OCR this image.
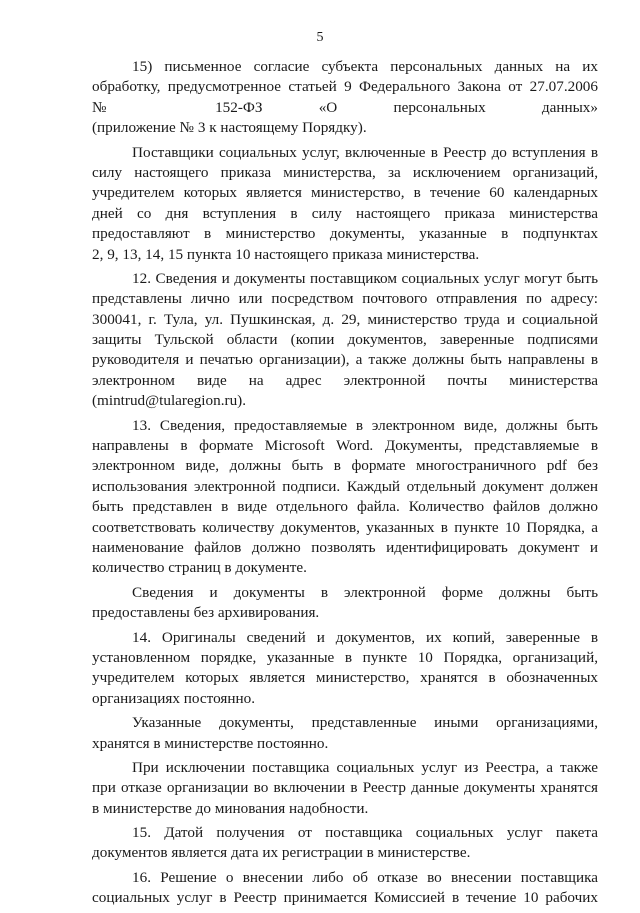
5
15) письменное согласие субъекта персональных данных на их
обработку, предусмотренное статьей 9 Федерального Закона от 27.07.2006
№ 152-ФЗ «О персональных данных»
(приложение № 3 к настоящему Порядку).
Поставщики социальных услуг, включенные в Реестр до вступления в
силу настоящего приказа министерства, за исключением организаций,
учредителем которых является министерство, в течение 60 календарных
дней со дня вступления в силу настоящего приказа министерства
предоставляют в министерство документы, указанные в подпунктах
2, 9, 13, 14, 15 пункта 10 настоящего приказа министерства.
12. Сведения и документы поставщиком социальных услуг могут быть
представлены лично или посредством почтового отправления по адресу:
300041, г. Тула, ул. Пушкинская, д. 29, министерство труда и социальной
защиты Тульской области (копии документов, заверенные подписями
руководителя и печатью организации), а также должны быть направлены в
электронном виде на адрес электронной почты министерства
(mintrud@tularegion.ru).
13. Сведения, предоставляемые в электронном виде, должны быть
направлены в формате Microsoft Word. Документы, представляемые в
электронном виде, должны быть в формате многостраничного pdf без
использования электронной подписи. Каждый отдельный документ должен
быть представлен в виде отдельного файла. Количество файлов должно
соответствовать количеству документов, указанных в пункте 10 Порядка, а
наименование файлов должно позволять идентифицировать документ и
количество страниц в документе.
Сведения и документы в электронной форме должны быть
предоставлены без архивирования.
14. Оригиналы сведений и документов, их копий, заверенные в
установленном порядке, указанные в пункте 10 Порядка, организаций,
учредителем которых является министерство, хранятся в обозначенных
организациях постоянно.
Указанные документы, представленные иными организациями,
хранятся в министерстве постоянно.
При исключении поставщика социальных услуг из Реестра, а также
при отказе организации во включении в Реестр данные документы хранятся
в министерстве до минования надобности.
15. Датой получения от поставщика социальных услуг пакета
документов является дата их регистрации в министерстве.
16. Решение о внесении либо об отказе во внесении поставщика
социальных услуг в Реестр принимается Комиссией в течение 10 рабочих
